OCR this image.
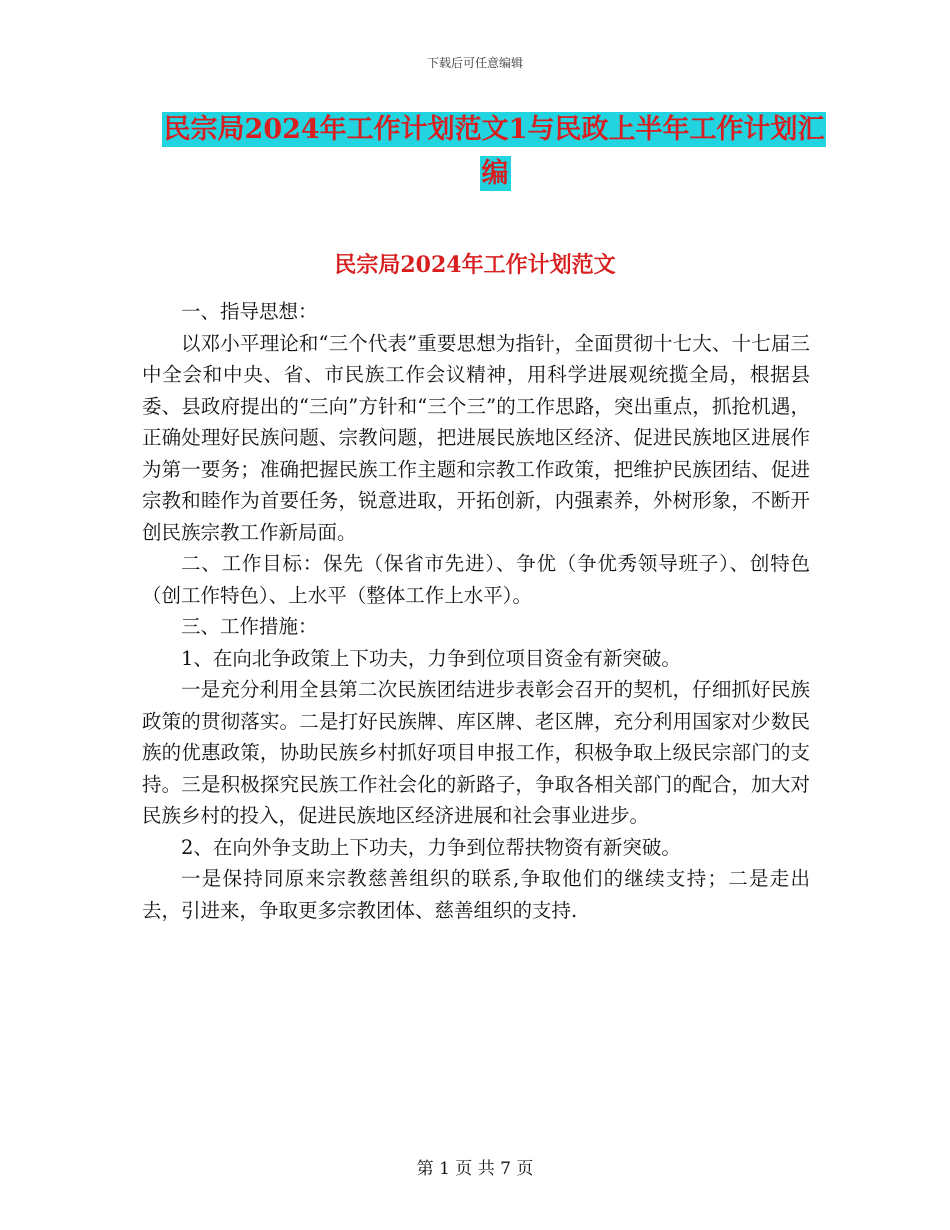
下载后可任意编辑
民宗局2024年工作计划范文1与民政上半年工作计划汇编
民宗局2024年工作计划范文

一、指导思想：

以邓小平理论和“三个代表”重要思想为指针，全面贯彻十七大、十七届三中全会和中央、省、市民族工作会议精神，用科学进展观统揽全局，根据县委、县政府提出的“三向”方针和“三个三”的工作思路，突出重点，抓抢机遇，正确处理好民族问题、宗教问题，把进展民族地区经济、促进民族地区进展作为第一要务；准确把握民族工作主题和宗教工作政策，把维护民族团结、促进宗教和睦作为首要任务，锐意进取，开拓创新，内强素养，外树形象，不断开创民族宗教工作新局面。

二、工作目标：保先（保省市先进）、争优（争优秀领导班子）、创特色（创工作特色）、上水平（整体工作上水平）。

三、工作措施：

1、在向北争政策上下功夫，力争到位项目资金有新突破。

一是充分利用全县第二次民族团结进步表彰会召开的契机，仔细抓好民族政策的贯彻落实。二是打好民族牌、库区牌、老区牌，充分利用国家对少数民族的优惠政策，协助民族乡村抓好项目申报工作，积极争取上级民宗部门的支持。三是积极探究民族工作社会化的新路子，争取各相关部门的配合，加大对民族乡村的投入，促进民族地区经济进展和社会事业进步。

2、在向外争支助上下功夫，力争到位帮扶物资有新突破。

一是保持同原来宗教慈善组织的联系,争取他们的继续支持；二是走出去，引进来，争取更多宗教团体、慈善组织的支持.

第 1 页 共 7 页
